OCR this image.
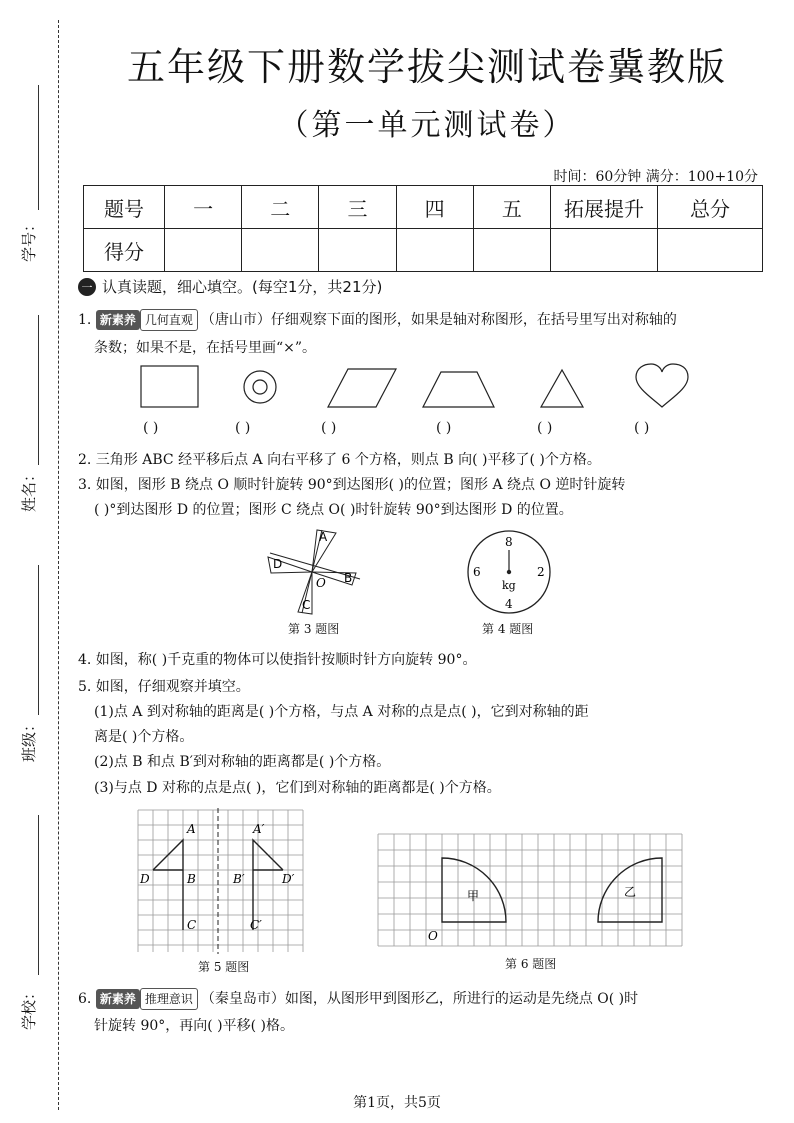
学号：
姓名：
班级：
学校：
五年级下册数学拔尖测试卷冀教版
（第一单元测试卷）
时间：60分钟 满分：100+10分
题号	一	二	三	四	五	拓展提升	总分
得分							
一 认真读题，细心填空。(每空1分，共21分)
1. 新素养 几何直观 （唐山市）仔细观察下面的图形，如果是轴对称图形，在括号里写出对称轴的
条数；如果不是，在括号里画“×”。
( )	( )	( )	( )	( )	( )
2. 三角形 ABC 经平移后点 A 向右平移了 6 个方格，则点 B 向( )平移了( )个方格。
3. 如图，图形 B 绕点 O 顺时针旋转 90°到达图形( )的位置；图形 A 绕点 O 逆时针旋转
( )°到达图形 D 的位置；图形 C 绕点 O( )时针旋转 90°到达图形 D 的位置。
A
D
B
C
O
第 3 题图
8
2
4
6
kg
第 4 题图
4. 如图，称( )千克重的物体可以使指针按顺时针方向旋转 90°。
5. 如图，仔细观察并填空。
(1)点 A 到对称轴的距离是( )个方格，与点 A 对称的点是点( )，它到对称轴的距
离是( )个方格。
(2)点 B 和点 B′到对称轴的距离都是( )个方格。
(3)与点 D 对称的点是点( )，它们到对称轴的距离都是( )个方格。
A
B
C
D
A′
B′
C′
D′
第 5 题图
甲	乙
O
第 6 题图
6. 新素养 推理意识 （秦皇岛市）如图，从图形甲到图形乙，所进行的运动是先绕点 O( )时
针旋转 90°，再向( )平移( )格。
第1页，共5页
